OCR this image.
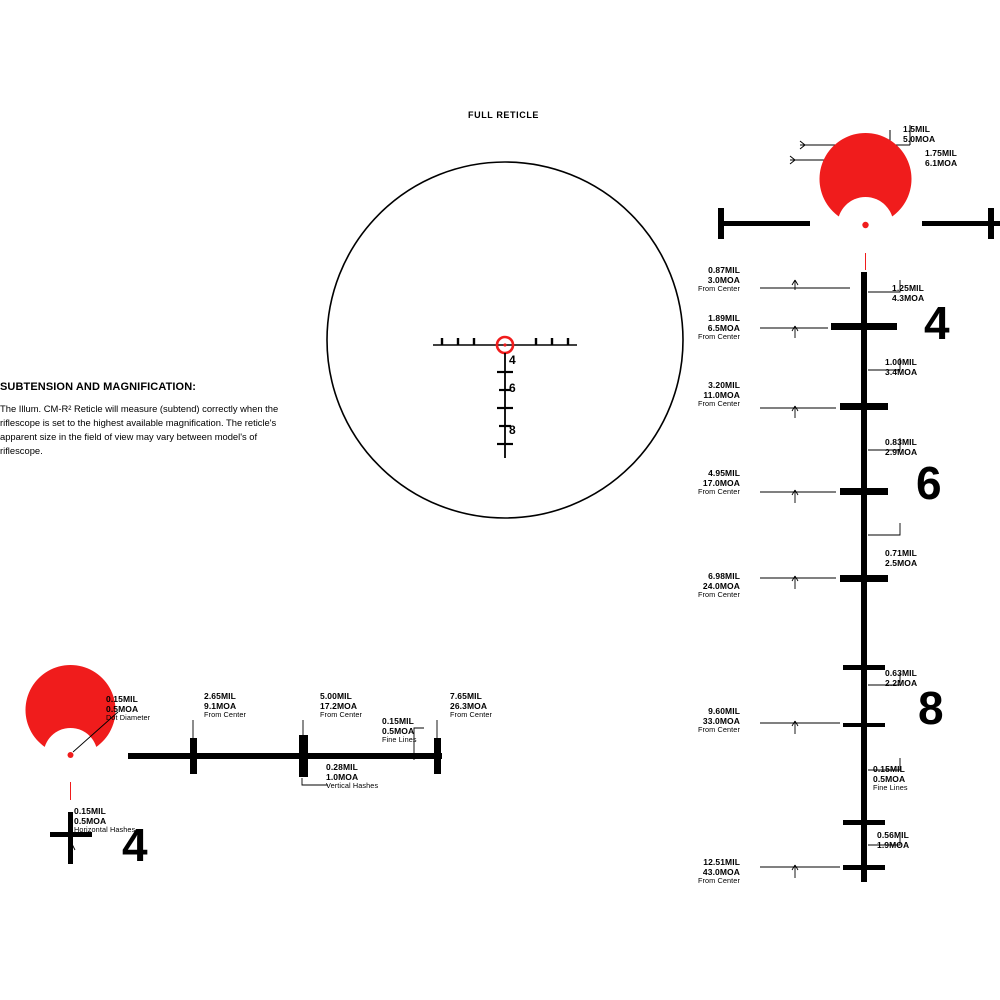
FULL RETICLE
4
6
8
SUBTENSION AND MAGNIFICATION:
The Illum. CM-R² Reticle will measure (subtend) correctly when the riflescope is set to the highest available magnification. The reticle's apparent size in the field of view may vary between model's of riflescope.
1.5MIL
5.0MOA
1.75MIL
6.1MOA
0.87MIL
3.0MOA
From Center
1.89MIL
6.5MOA
From Center
3.20MIL
11.0MOA
From Center
4.95MIL
17.0MOA
From Center
6.98MIL
24.0MOA
From Center
9.60MIL
33.0MOA
From Center
12.51MIL
43.0MOA
From Center
1.25MIL
4.3MOA
1.00MIL
3.4MOA
0.83MIL
2.9MOA
0.71MIL
2.5MOA
0.63MIL
2.2MOA
0.15MIL
0.5MOA
Fine Lines
0.56MIL
1.9MOA
4
6
8
0.15MIL
0.5MOA
Dot Diameter
2.65MIL
9.1MOA
From Center
5.00MIL
17.2MOA
From Center
7.65MIL
26.3MOA
From Center
0.15MIL
0.5MOA
Fine Lines
0.28MIL
1.0MOA
Vertical Hashes
0.15MIL
0.5MOA
Horizontal Hashes
4
